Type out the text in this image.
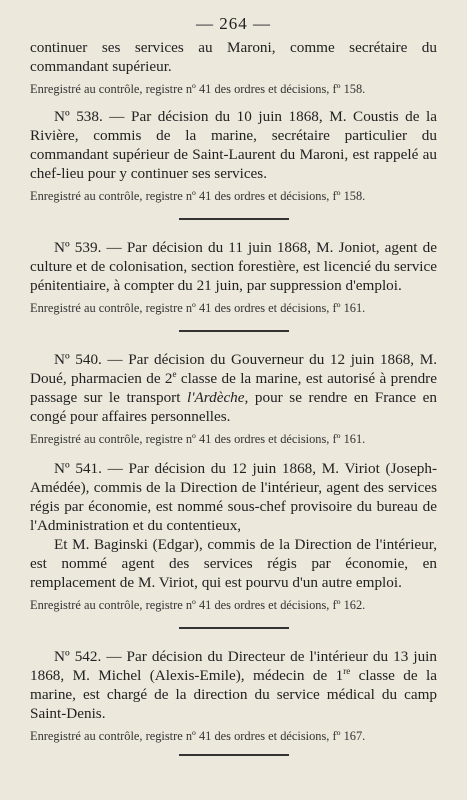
— 264 —

continuer ses services au Maroni, comme secrétaire du commandant supérieur.

Enregistré au contrôle, registre nº 41 des ordres et décisions, fº 158.

Nº 538. — Par décision du 10 juin 1868, M. Coustis de la Rivière, commis de la marine, secrétaire particulier du commandant supérieur de Saint-Laurent du Maroni, est rappelé au chef-lieu pour y continuer ses services.

Enregistré au contrôle, registre nº 41 des ordres et décisions, fº 158.

Nº 539. — Par décision du 11 juin 1868, M. Joniot, agent de culture et de colonisation, section forestière, est licencié du service pénitentiaire, à compter du 21 juin, par suppression d'emploi.

Enregistré au contrôle, registre nº 41 des ordres et décisions, fº 161.

Nº 540. — Par décision du Gouverneur du 12 juin 1868, M. Doué, pharmacien de 2e classe de la marine, est autorisé à prendre passage sur le transport l'Ardèche, pour se rendre en France en congé pour affaires personnelles.

Enregistré au contrôle, registre nº 41 des ordres et décisions, fº 161.

Nº 541. — Par décision du 12 juin 1868, M. Viriot (Joseph-Amédée), commis de la Direction de l'intérieur, agent des services régis par économie, est nommé sous-chef provisoire du bureau de l'Administration et du contentieux,

Et M. Baginski (Edgar), commis de la Direction de l'intérieur, est nommé agent des services régis par économie, en remplacement de M. Viriot, qui est pourvu d'un autre emploi.

Enregistré au contrôle, registre nº 41 des ordres et décisions, fº 162.

Nº 542. — Par décision du Directeur de l'intérieur du 13 juin 1868, M. Michel (Alexis-Emile), médecin de 1re classe de la marine, est chargé de la direction du service médical du camp Saint-Denis.

Enregistré au contrôle, registre nº 41 des ordres et décisions, fº 167.
